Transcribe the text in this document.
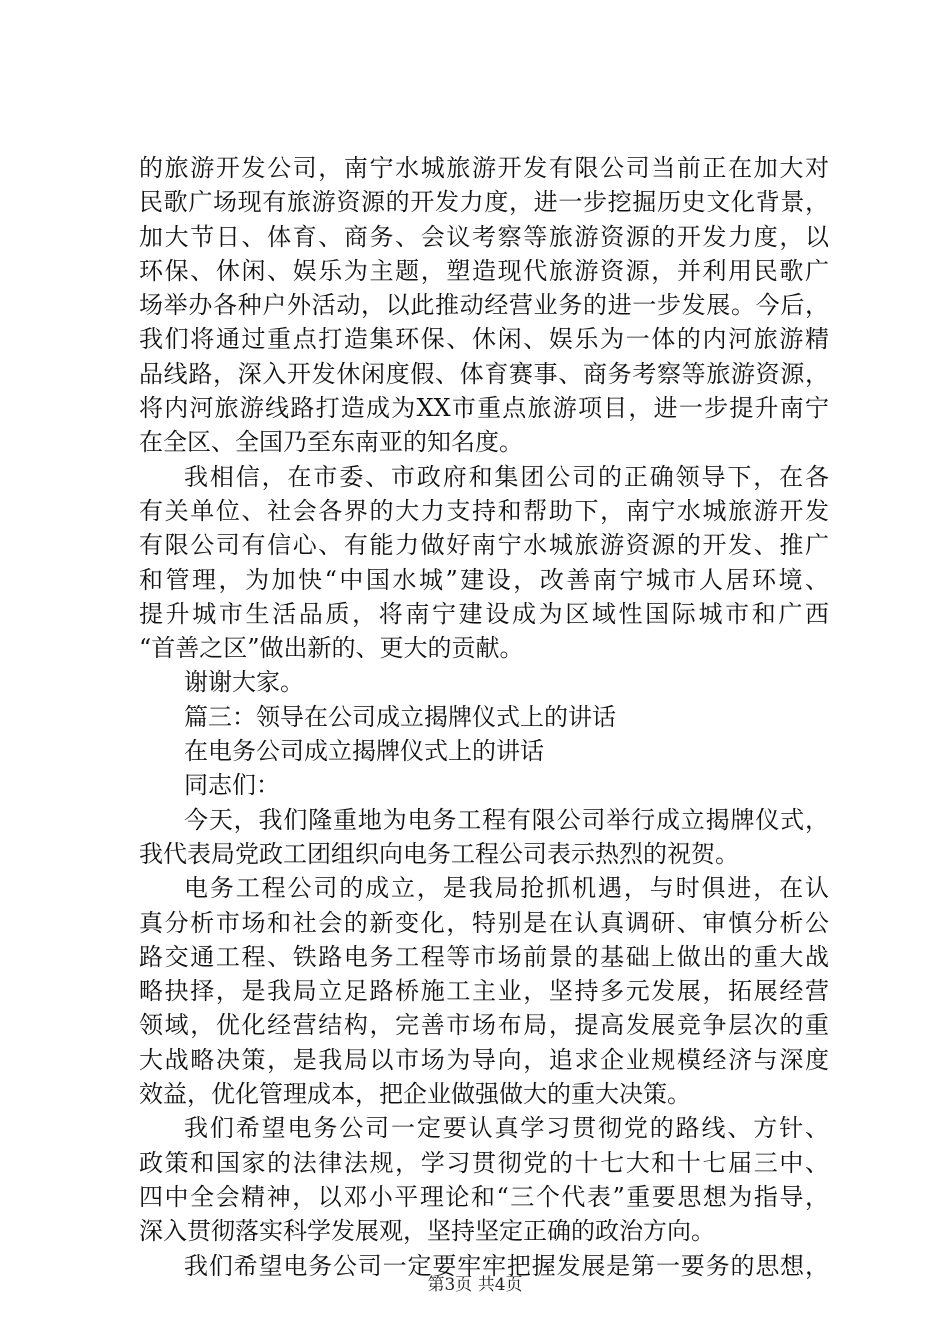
的旅游开发公司，南宁水城旅游开发有限公司当前正在加大对
民歌广场现有旅游资源的开发力度，进一步挖掘历史文化背景，
加大节日、体育、商务、会议考察等旅游资源的开发力度，以
环保、休闲、娱乐为主题，塑造现代旅游资源，并利用民歌广
场举办各种户外活动，以此推动经营业务的进一步发展。今后，
我们将通过重点打造集环保、休闲、娱乐为一体的内河旅游精
品线路，深入开发休闲度假、体育赛事、商务考察等旅游资源，
将内河旅游线路打造成为XX市重点旅游项目，进一步提升南宁
在全区、全国乃至东南亚的知名度。
我相信，在市委、市政府和集团公司的正确领导下，在各
有关单位、社会各界的大力支持和帮助下，南宁水城旅游开发
有限公司有信心、有能力做好南宁水城旅游资源的开发、推广
和管理，为加快“中国水城”建设，改善南宁城市人居环境、
提升城市生活品质，将南宁建设成为区域性国际城市和广西
“首善之区”做出新的、更大的贡献。
谢谢大家。
篇三：领导在公司成立揭牌仪式上的讲话
在电务公司成立揭牌仪式上的讲话
同志们：
今天，我们隆重地为电务工程有限公司举行成立揭牌仪式，
我代表局党政工团组织向电务工程公司表示热烈的祝贺。
电务工程公司的成立，是我局抢抓机遇，与时俱进，在认
真分析市场和社会的新变化，特别是在认真调研、审慎分析公
路交通工程、铁路电务工程等市场前景的基础上做出的重大战
略抉择，是我局立足路桥施工主业，坚持多元发展，拓展经营
领域，优化经营结构，完善市场布局，提高发展竞争层次的重
大战略决策，是我局以市场为导向，追求企业规模经济与深度
效益，优化管理成本，把企业做强做大的重大决策。
我们希望电务公司一定要认真学习贯彻党的路线、方针、
政策和国家的法律法规，学习贯彻党的十七大和十七届三中、
四中全会精神，以邓小平理论和“三个代表”重要思想为指导，
深入贯彻落实科学发展观，坚持坚定正确的政治方向。
我们希望电务公司一定要牢牢把握发展是第一要务的思想，
第3页 共4页
